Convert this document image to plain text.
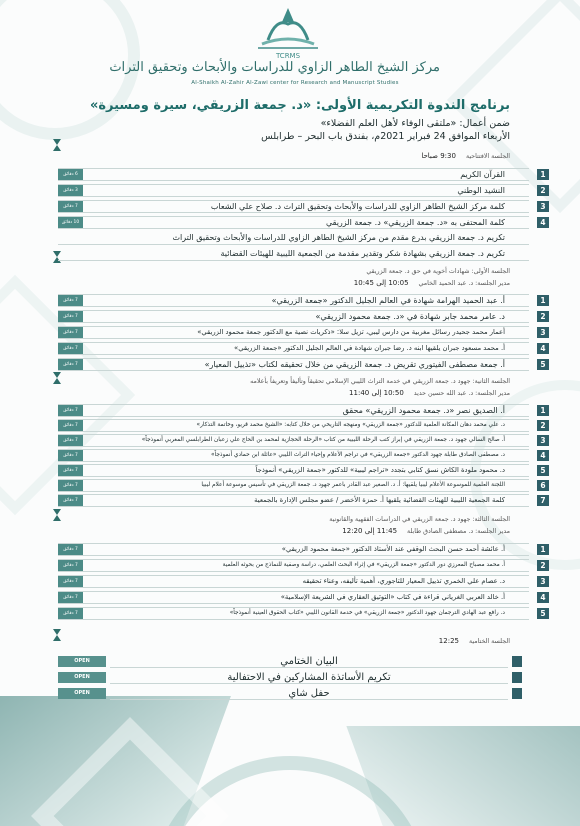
TCRMS
مركز الشيخ الطاهر الزاوي للدراسات والأبحاث وتحقيق التراث
Al-Shaikh Al-Zahir Al-Zawi center for Research and Manuscript Studies
برنامج الندوة التكريمية الأولى: «د. جمعة الزريقي، سيرة ومسيرة»
ضمن أعمال: «ملتقى الوفاء لأهل العلم الفضلاء»
الأربعاء الموافق 24 فبراير 2021م، بفندق باب البحر – طرابلس
الجلسة الافتتاحية9:30 صباحا
1
القرآن الكريم
6 دقائق
2
النشيد الوطني
3 دقائق
3
كلمة مركز الشيخ الطاهر الزاوي للدراسات والأبحاث وتحقيق التراث د. صلاح علي الشعاب
7 دقائق
4
كلمة المحتفى به «د. جمعة الزريقي» د. جمعة الزريقي
10 دقائق
تكريم د. جمعة الزريقي بدرع مقدم من مركز الشيخ الطاهر الزاوي للدراسات والأبحاث وتحقيق التراث
تكريم د. جمعة الزريقي بشهادة شكر وتقدير مقدمة من الجمعية الليبية للهيئات القضائية
الجلسة الأولى: شهادات أخوية في حق د. جمعة الزريقي
مدير الجلسة: د. عبد الحميد الخامي10:05 إلى 10:45
1
أ. عبد الحميد الهرامة شهادة في العالم الجليل الدكتور «جمعة الزريقي»
7 دقائق
2
د. عامر محمد جابر شهادة في «د. جمعة محمود الزريقي»
7 دقائق
3
أعمار محمد جحيدر رسائل مغربية من دارس ليبي، تزيل سلا: «ذكريات نصية مع الدكتور جمعة محمود الزريقي»
7 دقائق
4
أ. محمد مسعود جبران يلقيها ابنه د. رضا جبران شهادة في العالم الجليل الدكتور «جمعة الزريقي»
7 دقائق
5
أ. جمعة مصطفى الفيتوري تقريض د. جمعة الزريقي من خلال تحقيقه لكتاب «تذييل المعيار»
7 دقائق
الجلسة الثانية: جهود د. جمعة الزريقي في خدمة التراث الليبي الإسلامي تحقيقاً وتأليفاً وتعريفاً بأعلامه
مدير الجلسة: د. عبد الله حسين حديد10:50 إلى 11:40
1
أ. الصديق نصر «د. جمعة محمود الزريقي» محقق
7 دقائق
2
د. علي محمد دهان المكانة العلمية للدكتور «جمعة الزريقي» ومنهجه التاريخي من خلال كتابه: «الشيخ محمد قريو، وخاتمة التذكار»
7 دقائق
3
أ. صالح السالي جهود د. جمعة الزريقي في إبراز كتب الرحلة الليبية من كتاب «الرحلة الحجازية لمحمد بن الحاج علي زعبان الطرابلسي المغربي أنموذجاً»
7 دقائق
4
د. مصطفى الصادق طابلة جهود الدكتور «جمعة الزريقي» في تراجم الأعلام وإحياء التراث الليبي «عائلة ابن حمادي أنموذجاً»
7 دقائق
5
د. محمود ملودة الكاش نسق كتابي بتجدد «تراجم ليبية» للدكتور «جمعة الزريقي» أنموذجاً
7 دقائق
6
اللجنة العلمية للموسوعة الأعلام ليبيا يلقيها: أ. د. الصغير عبد القادر باعمر جهود د. جمعة الزريقي في تأسيس موسوعة أعلام ليبيا
7 دقائق
7
كلمة الجمعية الليبية للهيئات القضائية يلقيها أ. حمزة الأخضر / عضو مجلس الإدارة بالجمعية
7 دقائق
الجلسة الثالثة: جهود د. جمعة الزريقي في الدراسات الفقهية والقانونية
مدير الجلسة: د. مصطفى الصادق طابلة11:45 إلى 12:20
1
أ. عائشة أحمد حسن البحث الوقفي عند الأستاذ الدكتور «جمعة محمود الزريقي»
7 دقائق
2
أ. محمد مصباح المعرزي دور الدكتور «جمعة الزريقي» في إثراء البحث العلمي، دراسة وصفية للنماذج من بحوثه العلمية
7 دقائق
3
د. عصام علي الخمري تذييل المعيار للتاجوري، أهمية تأليفه، وعناء تحقيقه
7 دقائق
4
أ. خالد العربي الغرياني قراءة في كتاب «التوثيق العقاري في الشريعة الإسلامية»
7 دقائق
5
د. رافع عبد الهادي الترجمان جهود الدكتور «جمعة الزريقي» في خدمة القانون الليبي «كتاب الحقوق العينية أنموذجاً»
7 دقائق
الجلسة الختامية12:25
OPEN	البيان الختامي
OPEN	تكريم الأساتذة المشاركين في الاحتفالية
OPEN	حفل شاي
